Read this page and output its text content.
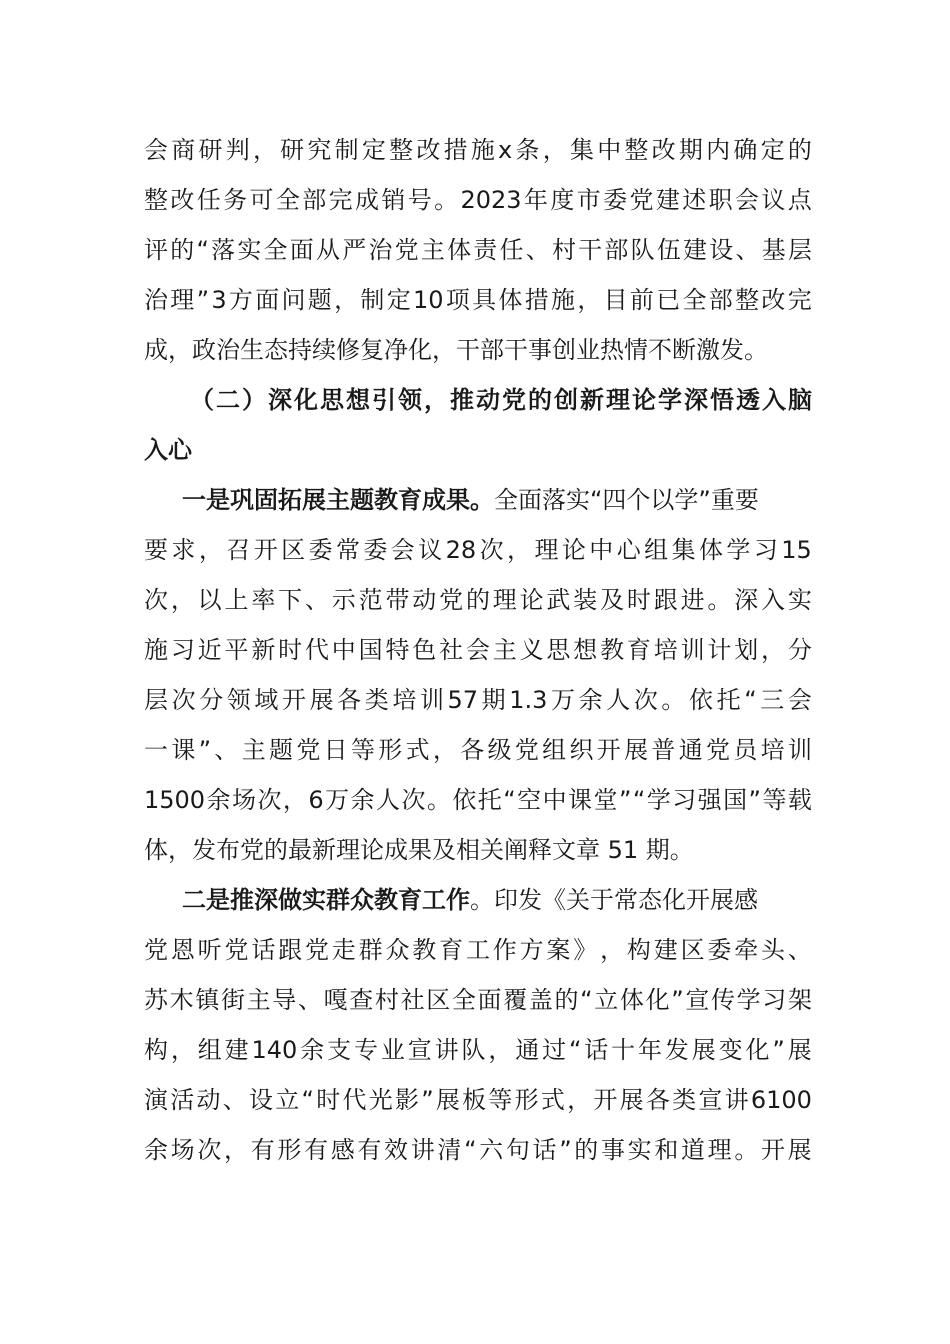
会 商 研 判 ， 研 究 制 定 整 改 措 施 x 条 ， 集 中 整 改 期 内 确 定 的
整 改 任 务 可 全 部 完 成 销 号 。 2023 年 度 市 委 党 建 述 职 会 议 点
评 的 “ 落 实 全 面 从 严 治 党 主 体 责 任 、 村 干 部 队 伍 建 设 、 基 层
治 理 ” 3 方 面 问 题 ， 制 定 10 项 具 体 措 施 ， 目 前 已 全 部 整 改 完
成，政治生态持续修复净化，干部干事创业热情不断激发。
（ 二 ） 深 化 思 想 引 领 ， 推 动 党 的 创 新 理 论 学 深 悟 透 入 脑
入心
一是巩固拓展主题教育成果。全面落实“四个以学”重要
要 求 ， 召 开 区 委 常 委 会 议 28 次 ， 理 论 中 心 组 集 体 学 习 15
次 ， 以 上 率 下 、 示 范 带 动 党 的 理 论 武 装 及 时 跟 进 。 深 入 实
施 习 近 平 新 时 代 中 国 特 色 社 会 主 义 思 想 教 育 培 训 计 划 ， 分
层 次 分 领 域 开 展 各 类 培 训 57 期 1.3 万 余 人 次 。 依 托 “ 三 会
一 课 ” 、 主 题 党 日 等 形 式 ， 各 级 党 组 织 开 展 普 通 党 员 培 训
1500 余 场 次 ， 6 万 余 人 次 。 依 托 “ 空 中 课 堂 ” “ 学 习 强 国 ” 等 载
体，发布党的最新理论成果及相关阐释文章 51 期。
二是推深做实群众教育工作。印发《关于常态化开展感
党 恩 听 党 话 跟 党 走 群 众 教 育 工 作 方 案 》 ， 构 建 区 委 牵 头 、
苏 木 镇 街 主 导 、 嘎 查 村 社 区 全 面 覆 盖 的 “ 立 体 化 ” 宣 传 学 习 架
构 ， 组 建 140 余 支 专 业 宣 讲 队 ， 通 过 “ 话 十 年 发 展 变 化 ” 展
演 活 动 、 设 立 “ 时 代 光 影 ” 展 板 等 形 式 ， 开 展 各 类 宣 讲 6100
余 场 次 ， 有 形 有 感 有 效 讲 清 “ 六 句 话 ” 的 事 实 和 道 理 。 开 展
